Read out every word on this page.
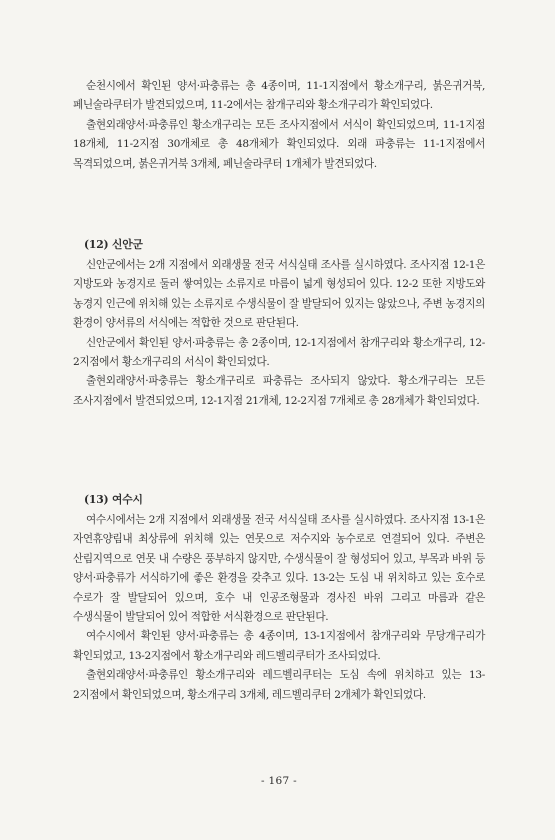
순천시에서 확인된 양서·파충류는 총 4종이며, 11-1지점에서 황소개구리, 붉은귀거북, 페닌술라쿠터가 발견되었으며, 11-2에서는 참개구리와 황소개구리가 확인되었다.

출현외래양서·파충류인 황소개구리는 모든 조사지점에서 서식이 확인되었으며, 11-1지점 18개체, 11-2지점 30개체로 총 48개체가 확인되었다. 외래 파충류는 11-1지점에서 목격되었으며, 붉은귀거북 3개체, 페닌술라쿠터 1개체가 발견되었다.

(12) 신안군

신안군에서는 2개 지점에서 외래생물 전국 서식실태 조사를 실시하였다. 조사지점 12-1은 지방도와 농경지로 둘러 쌓여있는 소류지로 마름이 넓게 형성되어 있다. 12-2 또한 지방도와 농경지 인근에 위치해 있는 소류지로 수생식물이 잘 발달되어 있지는 않았으나, 주변 농경지의 환경이 양서류의 서식에는 적합한 것으로 판단된다.

신안군에서 확인된 양서·파충류는 총 2종이며, 12-1지점에서 참개구리와 황소개구리, 12-2지점에서 황소개구리의 서식이 확인되었다.

출현외래양서·파충류는 황소개구리로 파충류는 조사되지 않았다. 황소개구리는 모든 조사지점에서 발견되었으며, 12-1지점 21개체, 12-2지점 7개체로 총 28개체가 확인되었다.

(13) 여수시

여수시에서는 2개 지점에서 외래생물 전국 서식실태 조사를 실시하였다. 조사지점 13-1은 자연휴양림내 최상류에 위치해 있는 연못으로 저수지와 농수로로 연결되어 있다. 주변은 산림지역으로 연못 내 수량은 풍부하지 않지만, 수생식물이 잘 형성되어 있고, 부목과 바위 등 양서·파충류가 서식하기에 좋은 환경을 갖추고 있다. 13-2는 도심 내 위치하고 있는 호수로 수로가 잘 발달되어 있으며, 호수 내 인공조형물과 경사진 바위 그리고 마름과 같은 수생식물이 발달되어 있어 적합한 서식환경으로 판단된다.

여수시에서 확인된 양서·파충류는 총 4종이며, 13-1지점에서 참개구리와 무당개구리가 확인되었고, 13-2지점에서 황소개구리와 레드벨리쿠터가 조사되었다.

출현외래양서·파충류인 황소개구리와 레드벨리쿠터는 도심 속에 위치하고 있는 13-2지점에서 확인되었으며, 황소개구리 3개체, 레드벨리쿠터 2개체가 확인되었다.

- 167 -
